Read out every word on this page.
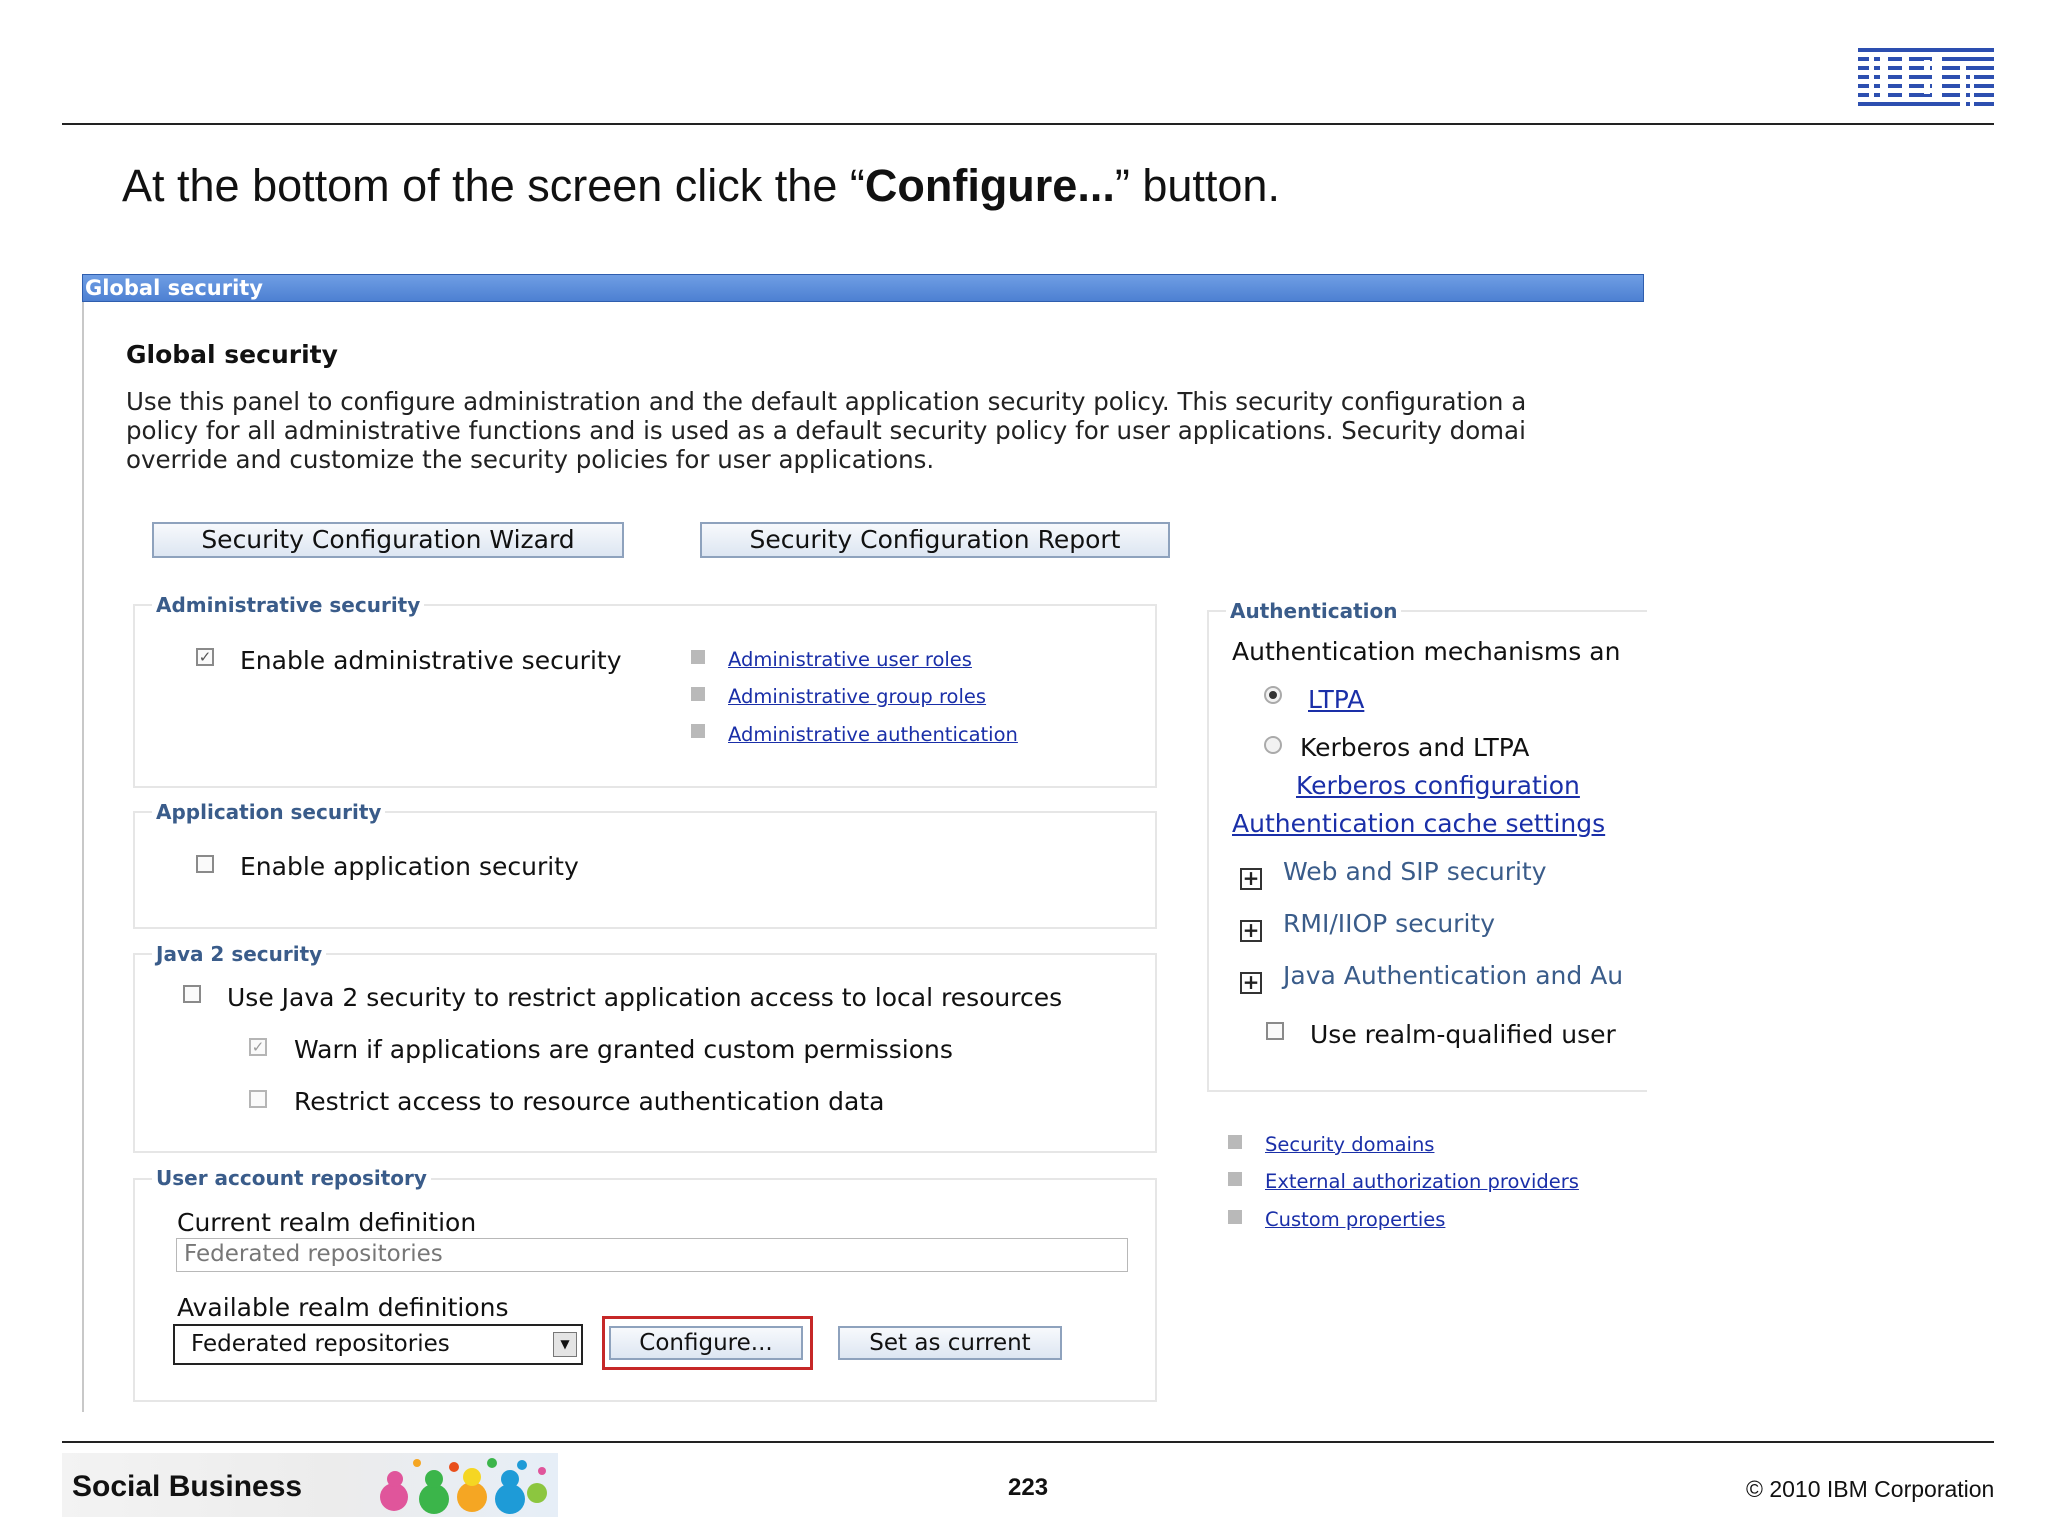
At the bottom of the screen click the “Configure...” button.
Global security
Global security
Use this panel to configure administration and the default application security policy. This security configuration a
policy for all administrative functions and is used as a default security policy for user applications. Security domai
override and customize the security policies for user applications.
Security Configuration Wizard	Security Configuration Report
Administrative security
✓ Enable administrative security	Administrative user roles
Administrative group roles
Administrative authentication
Application security
Enable application security
Java 2 security
Use Java 2 security to restrict application access to local resources
✓ Warn if applications are granted custom permissions
Restrict access to resource authentication data
User account repository
Current realm definition
Federated repositories
Available realm definitions
Federated repositories	▼	Configure...	Set as current
Authentication
Authentication mechanisms an
LTPA
Kerberos and LTPA
Kerberos configuration
Authentication cache settings
+ Web and SIP security
+ RMI/IIOP security
+ Java Authentication and Au
Use realm-qualified user
Security domains
External authorization providers
Custom properties
Social Business	223	© 2010 IBM Corporation
